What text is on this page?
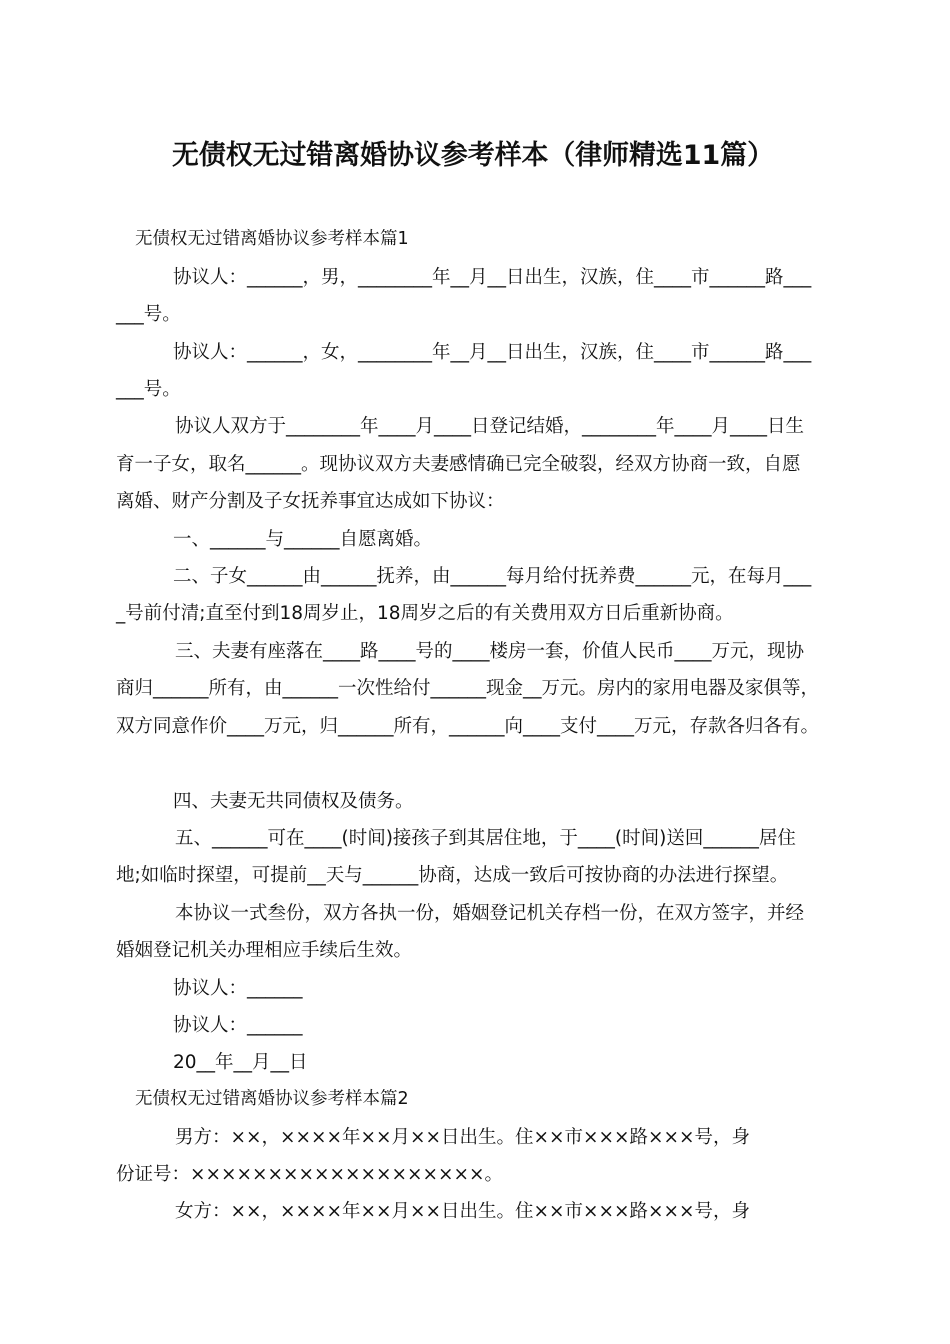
无债权无过错离婚协议参考样本（律师精选11篇）
无债权无过错离婚协议参考样本篇1
协议人：______，男，________年__月__日出生，汉族，住____市______路___
___号。
协议人：______，女，________年__月__日出生，汉族，住____市______路___
___号。
协议人双方于________年____月____日登记结婚，________年____月____日生
育一子女，取名______。现协议双方夫妻感情确已完全破裂，经双方协商一致，自愿
离婚、财产分割及子女抚养事宜达成如下协议：
一、______与______自愿离婚。
二、子女______由______抚养，由______每月给付抚养费______元，在每月___
_号前付清;直至付到18周岁止，18周岁之后的有关费用双方日后重新协商。
三、夫妻有座落在____路____号的____楼房一套，价值人民币____万元，现协
商归______所有，由______一次性给付______现金__万元。房内的家用电器及家俱等，
双方同意作价____万元，归______所有，______向____支付____万元，存款各归各有。
四、夫妻无共同债权及债务。
五、______可在____(时间)接孩子到其居住地，于____(时间)送回______居住
地;如临时探望，可提前__天与______协商，达成一致后可按协商的办法进行探望。
本协议一式叁份，双方各执一份，婚姻登记机关存档一份，在双方签字，并经
婚姻登记机关办理相应手续后生效。
协议人：______
协议人：______
20__年__月__日
无债权无过错离婚协议参考样本篇2
男方：××，××××年××月××日出生。住××市×××路×××号，身
份证号：×××××××××××××××××××。
女方：××，××××年××月××日出生。住××市×××路×××号，身
